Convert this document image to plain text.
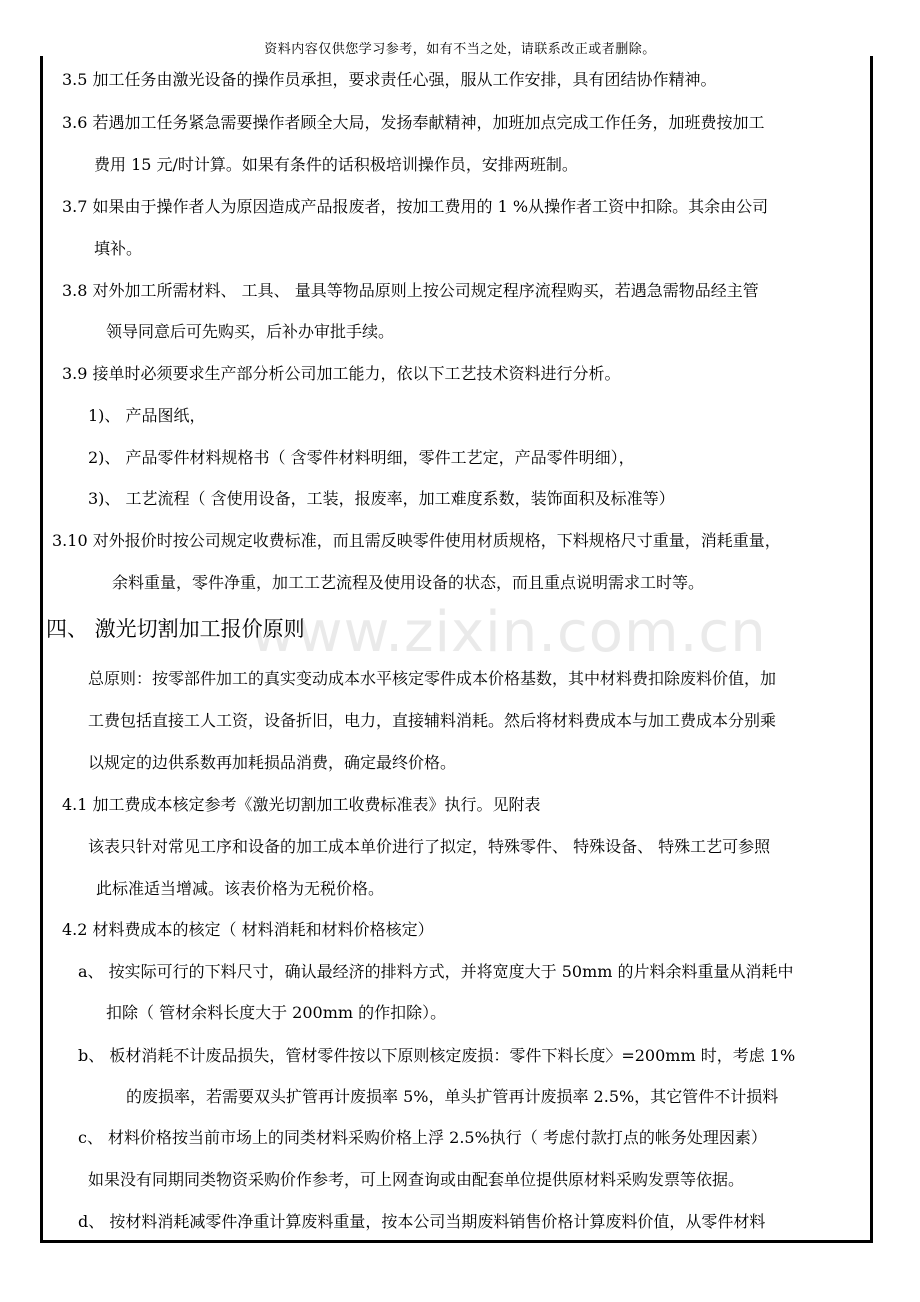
资料内容仅供您学习参考，如有不当之处，请联系改正或者删除。
www.zixin.com.cn
3.5 加工任务由激光设备的操作员承担，要求责任心强，服从工作安排，具有团结协作精神。
3.6 若遇加工任务紧急需要操作者顾全大局，发扬奉献精神，加班加点完成工作任务，加班费按加工
费用 15 元/时计算。如果有条件的话积极培训操作员，安排两班制。
3.7 如果由于操作者人为原因造成产品报废者，按加工费用的 1 %从操作者工资中扣除。其余由公司
填补。
3.8 对外加工所需材料、 工具、 量具等物品原则上按公司规定程序流程购买，若遇急需物品经主管
领导同意后可先购买，后补办审批手续。
3.9 接单时必须要求生产部分析公司加工能力，依以下工艺技术资料进行分析。
1)、 产品图纸，
2)、 产品零件材料规格书（ 含零件材料明细，零件工艺定，产品零件明细），
3)、 工艺流程（ 含使用设备，工装，报废率，加工难度系数，装饰面积及标准等）
3.10 对外报价时按公司规定收费标准，而且需反映零件使用材质规格，下料规格尺寸重量，消耗重量，
余料重量，零件净重，加工工艺流程及使用设备的状态，而且重点说明需求工时等。
四、 激光切割加工报价原则
总原则：按零部件加工的真实变动成本水平核定零件成本价格基数，其中材料费扣除废料价值，加
工费包括直接工人工资，设备折旧，电力，直接辅料消耗。然后将材料费成本与加工费成本分别乘
以规定的边供系数再加耗损品消费，确定最终价格。
4.1 加工费成本核定参考《激光切割加工收费标准表》执行。见附表
该表只针对常见工序和设备的加工成本单价进行了拟定，特殊零件、 特殊设备、 特殊工艺可参照
此标准适当增减。该表价格为无税价格。
4.2 材料费成本的核定（ 材料消耗和材料价格核定）
a、 按实际可行的下料尺寸，确认最经济的排料方式，并将宽度大于 50mm 的片料余料重量从消耗中
扣除（ 管材余料长度大于 200mm 的作扣除）。
b、 板材消耗不计废品损失，管材零件按以下原则核定废损：零件下料长度〉=200mm 时，考虑 1%
的废损率，若需要双头扩管再计废损率 5%，单头扩管再计废损率 2.5%，其它管件不计损料
c、 材料价格按当前市场上的同类材料采购价格上浮 2.5%执行（ 考虑付款打点的帐务处理因素）
如果没有同期同类物资采购价作参考，可上网查询或由配套单位提供原材料采购发票等依据。
d、 按材料消耗减零件净重计算废料重量，按本公司当期废料销售价格计算废料价值，从零件材料
